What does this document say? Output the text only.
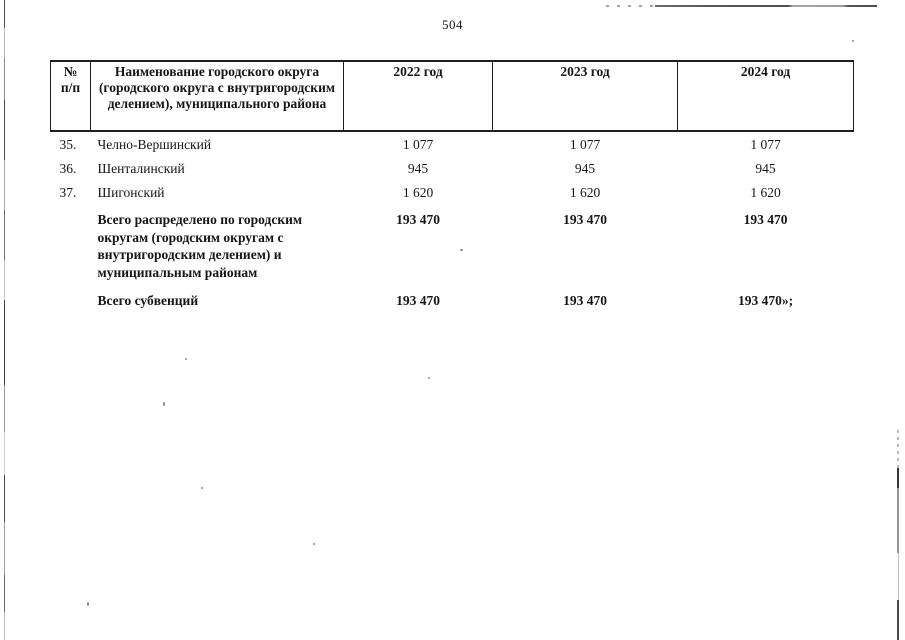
504
№ п/п	Наименование городского округа (городского округа с внутригородским делением), муниципального района	2022 год	2023 год	2024 год
35.	Челно-Вершинский	1 077	1 077	1 077
36.	Шенталинский	945	945	945
37.	Шигонский	1 620	1 620	1 620
	Всего распределено по городским округам (городским округам с внутригородским делением) и муниципальным районам	193 470	193 470	193 470
	Всего субвенций	193 470	193 470	193 470»;
